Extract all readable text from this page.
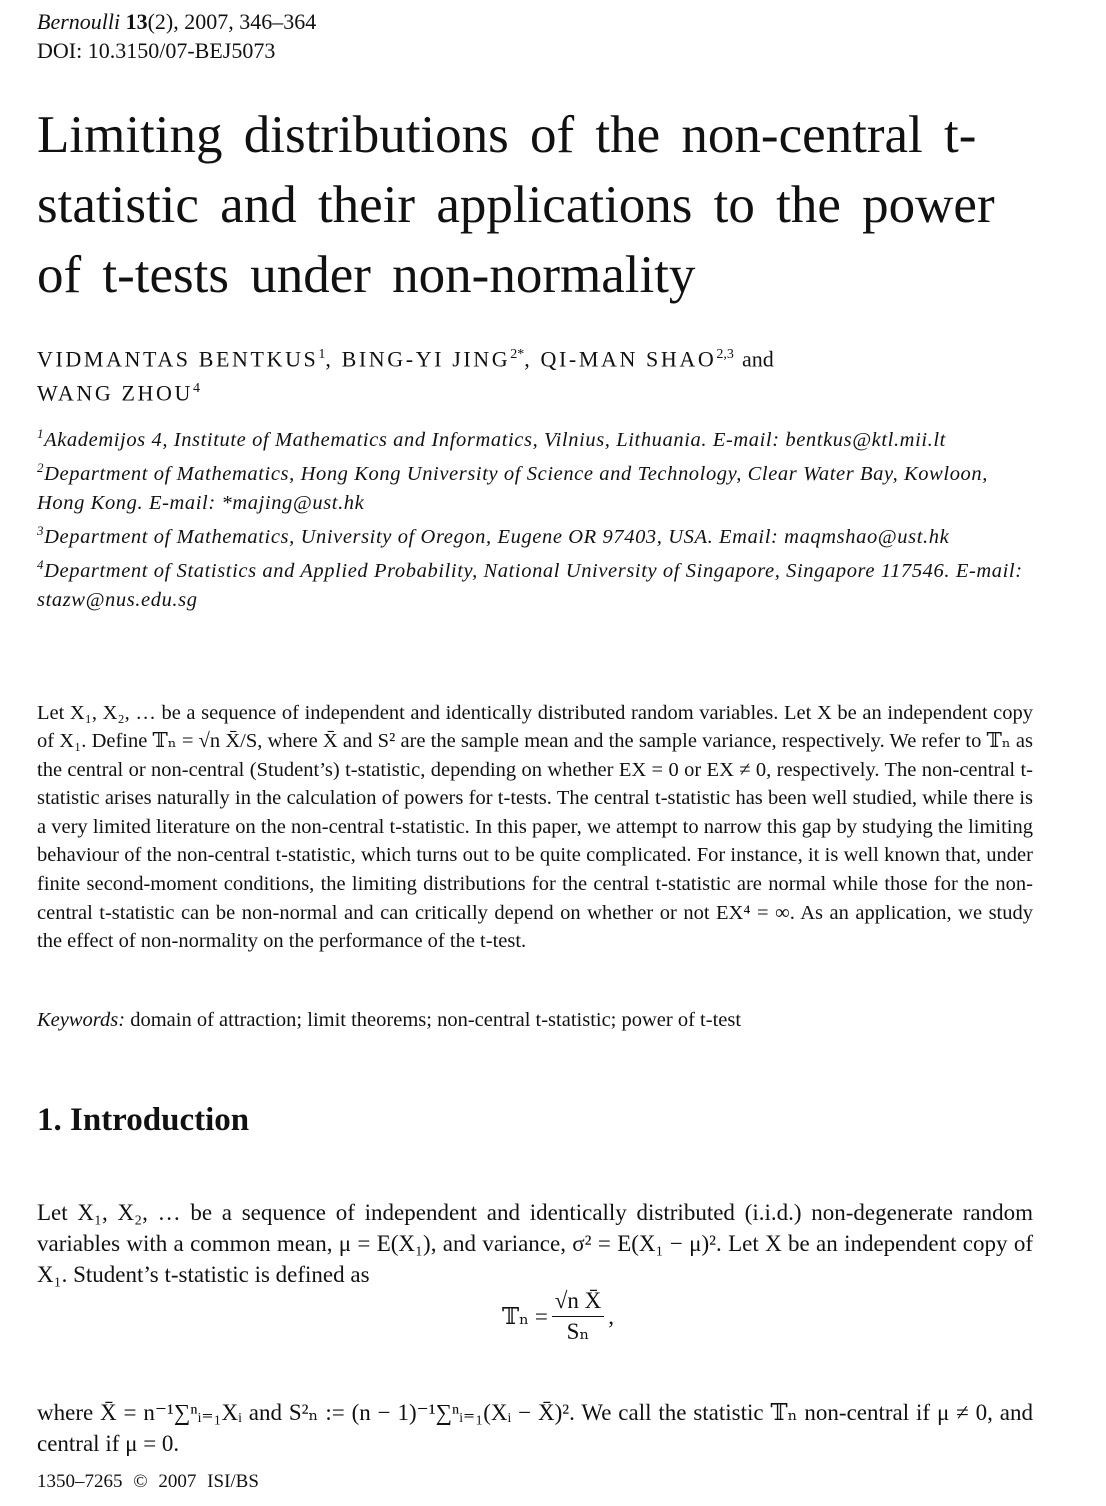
Bernoulli 13(2), 2007, 346–364
DOI: 10.3150/07-BEJ5073
Limiting distributions of the non-central t-statistic and their applications to the power of t-tests under non-normality
VIDMANTAS BENTKUS$^1$, BING-YI $JING^{2*}$, QI-MAN SHAO$^{2,3}$ and
WANG ZHOU$^4$
$^1$Akademijos 4, Institute of Mathematics and Informatics, Vilnius, Lithuania. E-mail: bentkus@ktl.mii.lt
$^2$Department of Mathematics, Hong Kong University of Science and Technology, Clear Water Bay, Kowloon, Hong Kong. E-mail: *majing@ust.hk
$^3$Department of Mathematics, University of Oregon, Eugene OR 97403, USA. Email: maqmshao@ust.hk
$^4$Department of Statistics and Applied Probability, National University of Singapore, Singapore 117546. E-mail: stazw@nus.edu.sg

Let X₁, X₂, … be a sequence of independent and identically distributed random variables. Let X be an independent copy of X₁. Define 𝕋ₙ = √n X̄/S, where X̄ and S² are the sample mean and the sample variance, respectively. We refer to 𝕋ₙ as the central or non-central (Student’s) t-statistic, depending on whether EX = 0 or EX ≠ 0, respectively. The non-central t-statistic arises naturally in the calculation of powers for t-tests. The central t-statistic has been well studied, while there is a very limited literature on the non-central t-statistic. In this paper, we attempt to narrow this gap by studying the limiting behaviour of the non-central t-statistic, which turns out to be quite complicated. For instance, it is well known that, under finite second-moment conditions, the limiting distributions for the central t-statistic are normal while those for the non-central t-statistic can be non-normal and can critically depend on whether or not EX⁴ = ∞. As an application, we study the effect of non-normality on the performance of the t-test.

Keywords: domain of attraction; limit theorems; non-central t-statistic; power of t-test
1. Introduction

Let X₁, X₂, … be a sequence of independent and identically distributed (i.i.d.) non-degenerate random variables with a common mean, μ = E(X₁), and variance, σ² = E(X₁ − μ)². Let X be an independent copy of X₁. Student’s t-statistic is defined as

𝕋ₙ = $\frac{\text{√n X̄}}{\text{Sₙ}}$ ,

where X̄ = n⁻¹∑ⁿᵢ₌₁Xᵢ and S²ₙ := (n − 1)⁻¹∑ⁿᵢ₌₁(Xᵢ − X̄)². We call the statistic 𝕋ₙ non-central if μ ≠ 0, and central if μ = 0.

1350–7265 © 2007 ISI/BS
